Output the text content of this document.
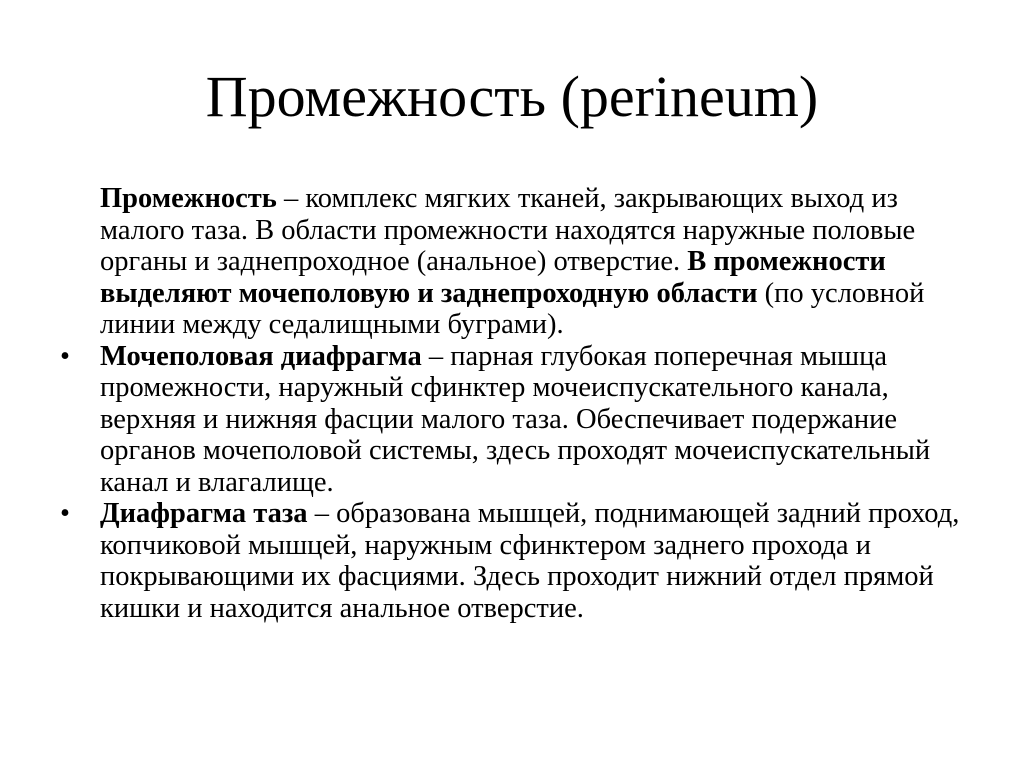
Промежность (perineum)

Промежность – комплекс мягких тканей, закрывающих выход из малого таза. В области промежности находятся наружные половые органы и заднепроходное (анальное) отверстие. В промежности выделяют мочеполовую и заднепроходную области (по условной линии между седалищными буграми).

•	Мочеполовая диафрагма – парная глубокая поперечная мышца промежности, наружный сфинктер мочеиспускательного канала, верхняя и нижняя фасции малого таза. Обеспечивает подержание органов мочеполовой системы, здесь проходят мочеиспускательный канал и влагалище.

•	Диафрагма таза – образована мышцей, поднимающей задний проход, копчиковой мышцей, наружным сфинктером заднего прохода и покрывающими их фасциями. Здесь проходит нижний отдел прямой кишки и находится анальное отверстие.
